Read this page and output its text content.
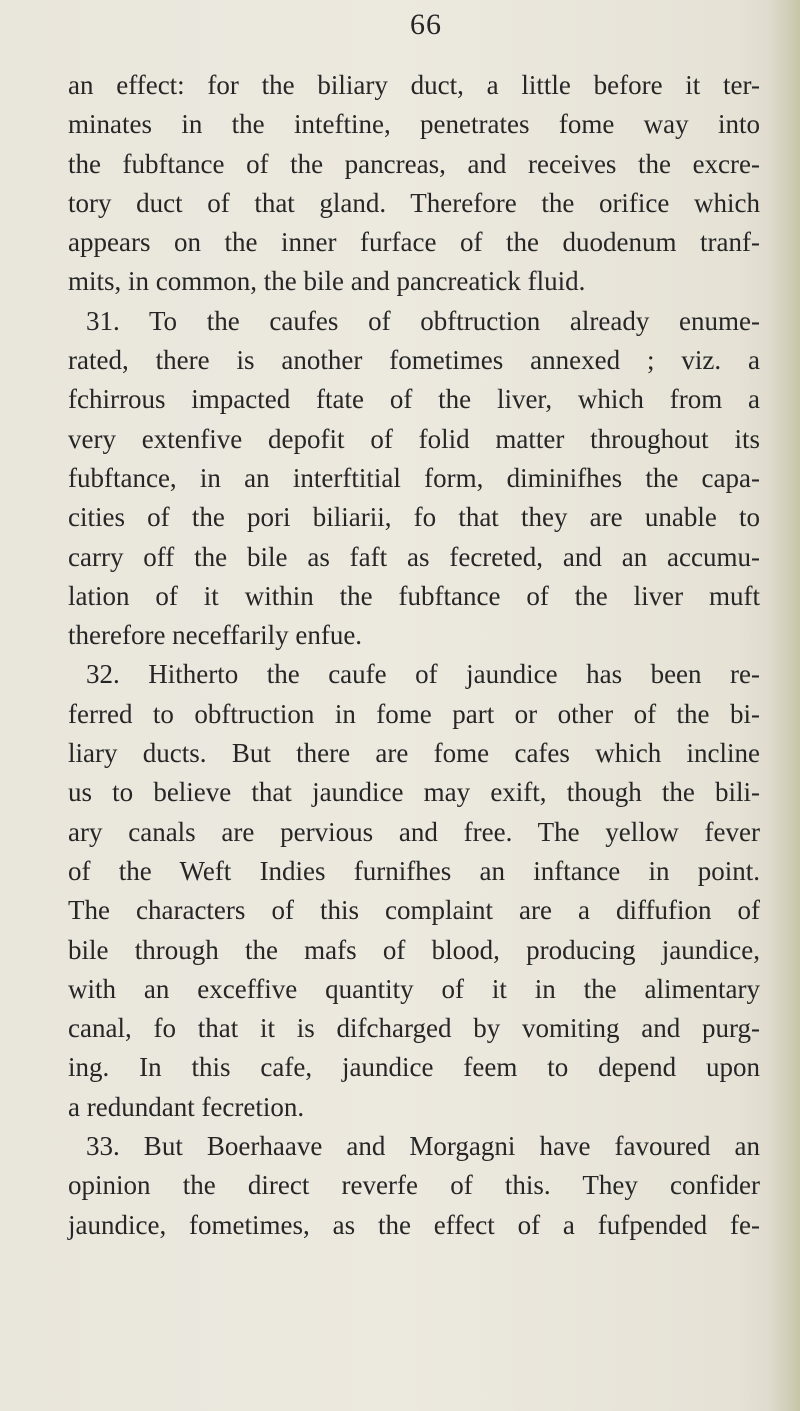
66
an effect: for the biliary duct, a little before it ter-
minates in the inteftine, penetrates fome way into
the fubftance of the pancreas, and receives the excre-
tory duct of that gland. Therefore the orifice which
appears on the inner furface of the duodenum tranf-
mits, in common, the bile and pancreatick fluid.
31. To the caufes of obftruction already enume-
rated, there is another fometimes annexed ; viz. a
fchirrous impacted ftate of the liver, which from a
very extenfive depofit of folid matter throughout its
fubftance, in an interftitial form, diminifhes the capa-
cities of the pori biliarii, fo that they are unable to
carry off the bile as faft as fecreted, and an accumu-
lation of it within the fubftance of the liver muft
therefore neceffarily enfue.
32. Hitherto the caufe of jaundice has been re-
ferred to obftruction in fome part or other of the bi-
liary ducts. But there are fome cafes which incline
us to believe that jaundice may exift, though the bili-
ary canals are pervious and free. The yellow fever
of the Weft Indies furnifhes an inftance in point.
The characters of this complaint are a diffufion of
bile through the mafs of blood, producing jaundice,
with an exceffive quantity of it in the alimentary
canal, fo that it is difcharged by vomiting and purg-
ing. In this cafe, jaundice feem to depend upon
a redundant fecretion.
33. But Boerhaave and Morgagni have favoured an
opinion the direct reverfe of this. They confider
jaundice, fometimes, as the effect of a fufpended fe-
